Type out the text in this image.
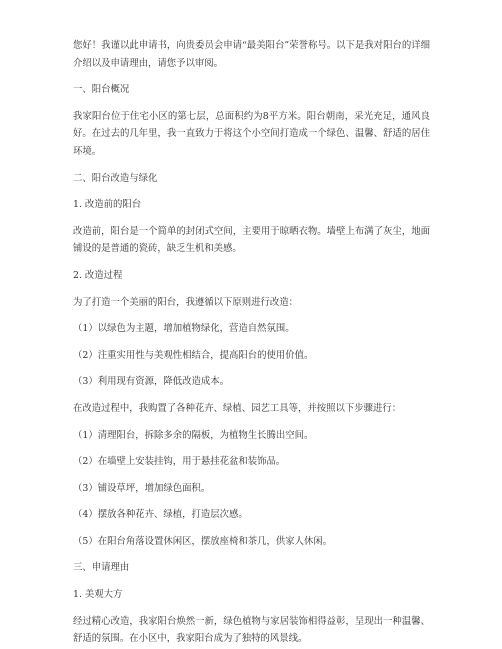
您好！我谨以此申请书，向贵委员会申请“最美阳台”荣誉称号。以下是我对阳台的详细介绍以及申请理由，请您予以审阅。

一、阳台概况

我家阳台位于住宅小区的第七层，总面积约为8平方米。阳台朝南，采光充足，通风良好。在过去的几年里，我一直致力于将这个小空间打造成一个绿色、温馨、舒适的居住环境。

二、阳台改造与绿化

1. 改造前的阳台

改造前，阳台是一个简单的封闭式空间，主要用于晾晒衣物。墙壁上布满了灰尘，地面铺设的是普通的瓷砖，缺乏生机和美感。

2. 改造过程

为了打造一个美丽的阳台，我遵循以下原则进行改造：

（1）以绿色为主题，增加植物绿化，营造自然氛围。

（2）注重实用性与美观性相结合，提高阳台的使用价值。

（3）利用现有资源，降低改造成本。

在改造过程中，我购置了各种花卉、绿植、园艺工具等，并按照以下步骤进行：

（1）清理阳台，拆除多余的隔板，为植物生长腾出空间。

（2）在墙壁上安装挂钩，用于悬挂花盆和装饰品。

（3）铺设草坪，增加绿色面积。

（4）摆放各种花卉、绿植，打造层次感。

（5）在阳台角落设置休闲区，摆放座椅和茶几，供家人休闲。

三、申请理由

1. 美观大方

经过精心改造，我家阳台焕然一新，绿色植物与家居装饰相得益彰，呈现出一种温馨、舒适的氛围。在小区中，我家阳台成为了独特的风景线。
